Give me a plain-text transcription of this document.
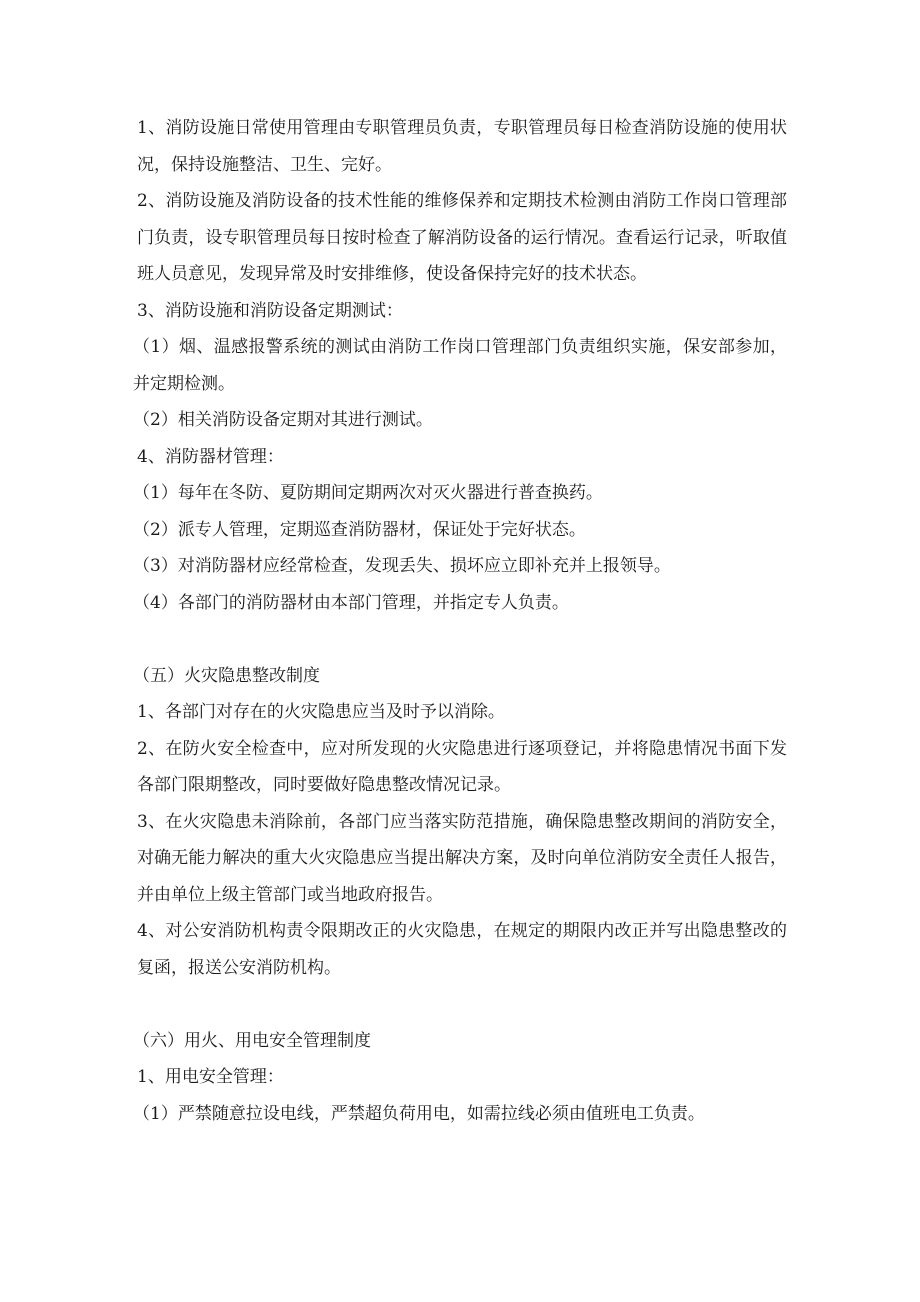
1、消防设施日常使用管理由专职管理员负责，专职管理员每日检查消防设施的使用状况，保持设施整洁、卫生、完好。

2、消防设施及消防设备的技术性能的维修保养和定期技术检测由消防工作岗口管理部门负责，设专职管理员每日按时检查了解消防设备的运行情况。查看运行记录，听取值班人员意见，发现异常及时安排维修，使设备保持完好的技术状态。

3、消防设施和消防设备定期测试：

（1）烟、温感报警系统的测试由消防工作岗口管理部门负责组织实施，保安部参加，并定期检测。

（2）相关消防设备定期对其进行测试。

4、消防器材管理：

（1）每年在冬防、夏防期间定期两次对灭火器进行普查换药。

（2）派专人管理，定期巡查消防器材，保证处于完好状态。

（3）对消防器材应经常检查，发现丢失、损坏应立即补充并上报领导。

（4）各部门的消防器材由本部门管理，并指定专人负责。

（五）火灾隐患整改制度

1、各部门对存在的火灾隐患应当及时予以消除。

2、在防火安全检查中，应对所发现的火灾隐患进行逐项登记，并将隐患情况书面下发各部门限期整改，同时要做好隐患整改情况记录。

3、在火灾隐患未消除前，各部门应当落实防范措施，确保隐患整改期间的消防安全，对确无能力解决的重大火灾隐患应当提出解决方案，及时向单位消防安全责任人报告，并由单位上级主管部门或当地政府报告。

4、对公安消防机构责令限期改正的火灾隐患，在规定的期限内改正并写出隐患整改的复函，报送公安消防机构。

（六）用火、用电安全管理制度

1、用电安全管理：

（1）严禁随意拉设电线，严禁超负荷用电，如需拉线必须由值班电工负责。
